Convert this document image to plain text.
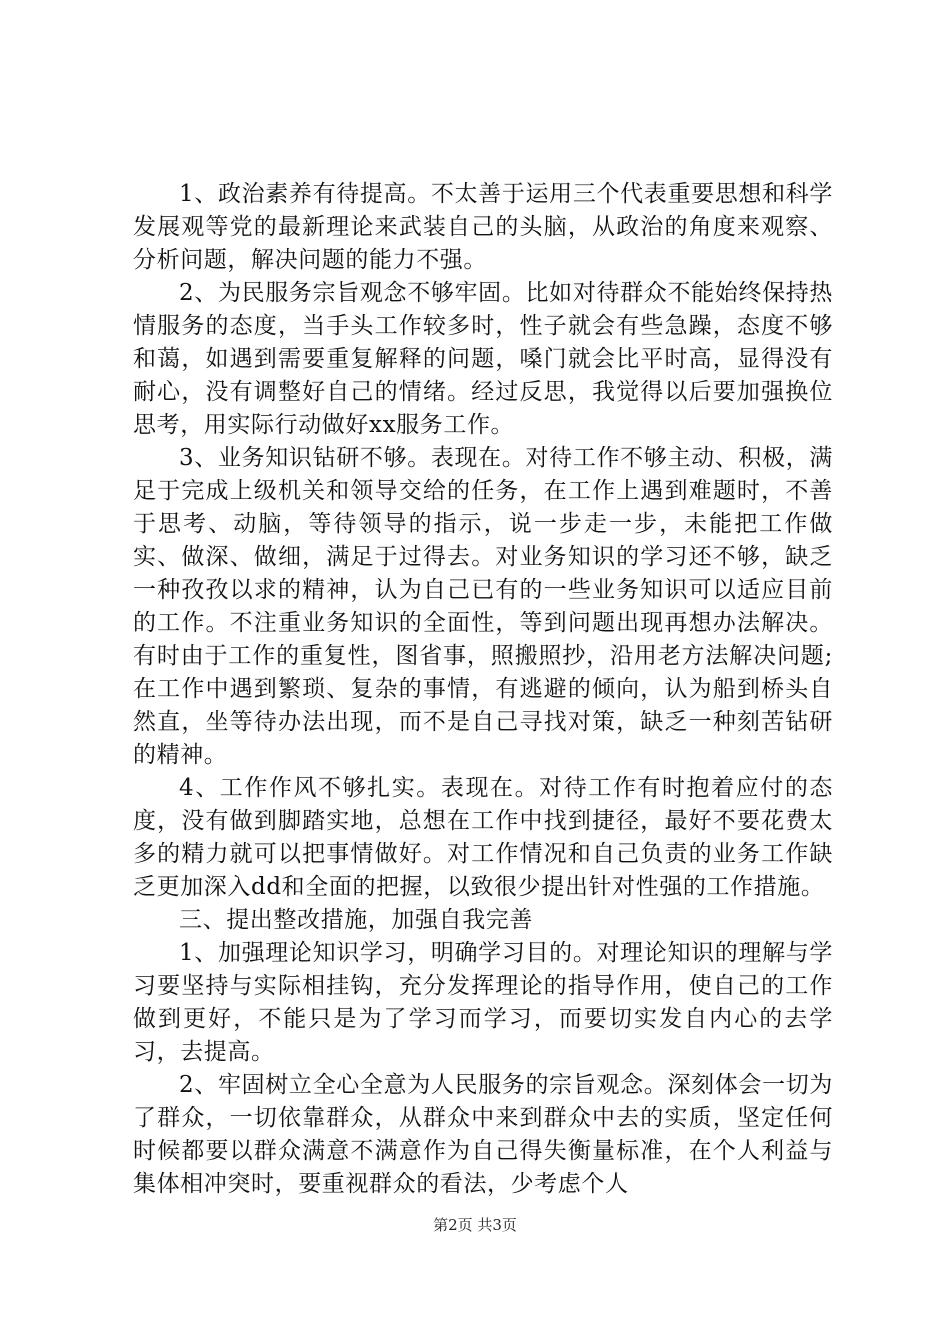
1、政治素养有待提高。不太善于运用三个代表重要思想和科学发展观等党的最新理论来武装自己的头脑，从政治的角度来观察、分析问题，解决问题的能力不强。

2、为民服务宗旨观念不够牢固。比如对待群众不能始终保持热情服务的态度，当手头工作较多时，性子就会有些急躁，态度不够和蔼，如遇到需要重复解释的问题，嗓门就会比平时高，显得没有耐心，没有调整好自己的情绪。经过反思，我觉得以后要加强换位思考，用实际行动做好xx服务工作。

3、业务知识钻研不够。表现在。对待工作不够主动、积极，满足于完成上级机关和领导交给的任务，在工作上遇到难题时，不善于思考、动脑，等待领导的指示，说一步走一步，未能把工作做实、做深、做细，满足于过得去。对业务知识的学习还不够，缺乏一种孜孜以求的精神，认为自己已有的一些业务知识可以适应目前的工作。不注重业务知识的全面性，等到问题出现再想办法解决。有时由于工作的重复性，图省事，照搬照抄，沿用老方法解决问题;在工作中遇到繁琐、复杂的事情，有逃避的倾向，认为船到桥头自然直，坐等待办法出现，而不是自己寻找对策，缺乏一种刻苦钻研的精神。

4、工作作风不够扎实。表现在。对待工作有时抱着应付的态度，没有做到脚踏实地，总想在工作中找到捷径，最好不要花费太多的精力就可以把事情做好。对工作情况和自己负责的业务工作缺乏更加深入dd和全面的把握，以致很少提出针对性强的工作措施。

三、提出整改措施，加强自我完善

1、加强理论知识学习，明确学习目的。对理论知识的理解与学习要坚持与实际相挂钩，充分发挥理论的指导作用，使自己的工作做到更好，不能只是为了学习而学习，而要切实发自内心的去学习，去提高。

2、牢固树立全心全意为人民服务的宗旨观念。深刻体会一切为了群众，一切依靠群众，从群众中来到群众中去的实质，坚定任何时候都要以群众满意不满意作为自己得失衡量标准，在个人利益与集体相冲突时，要重视群众的看法，少考虑个人

第2页 共3页
